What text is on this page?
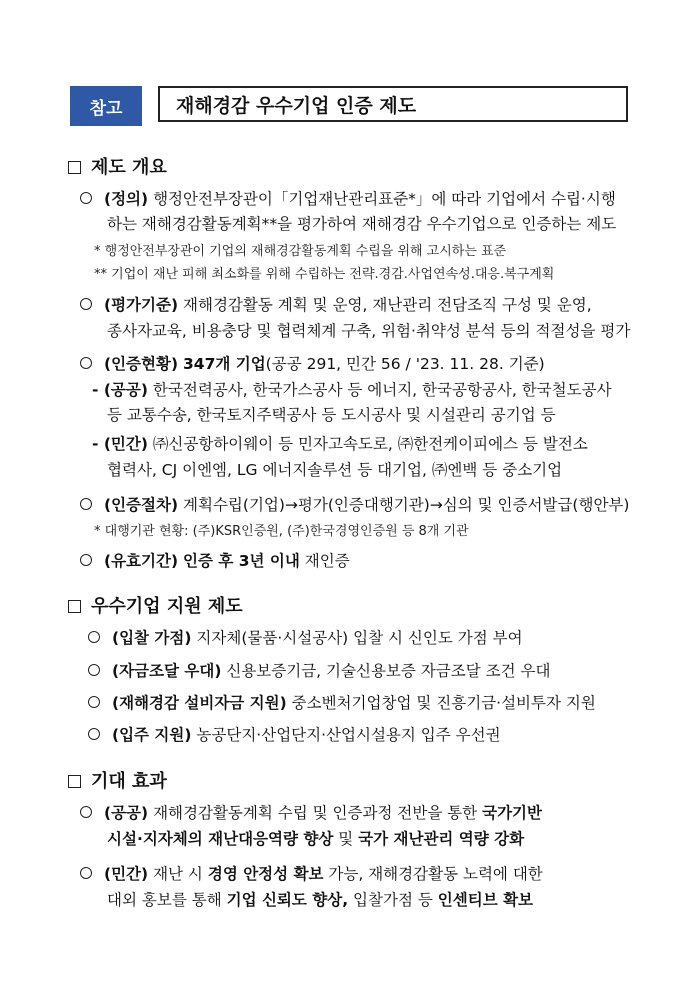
참고	재해경감 우수기업 인증 제도
제도 개요
(정의) 행정안전부장관이「기업재난관리표준*」에 따라 기업에서 수립·시행
하는 재해경감활동계획**을 평가하여 재해경감 우수기업으로 인증하는 제도
* 행정안전부장관이 기업의 재해경감활동계획 수립을 위해 고시하는 표준
** 기업이 재난 피해 최소화를 위해 수립하는 전략.경감.사업연속성.대응.복구계획
(평가기준) 재해경감활동 계획 및 운영, 재난관리 전담조직 구성 및 운영,
종사자교육, 비용충당 및 협력체계 구축, 위험·취약성 분석 등의 적절성을 평가
(인증현황) 347개 기업(공공 291, 민간 56 / '23. 11. 28. 기준)
- (공공) 한국전력공사, 한국가스공사 등 에너지, 한국공항공사, 한국철도공사
등 교통수송, 한국토지주택공사 등 도시공사 및 시설관리 공기업 등
- (민간) ㈜신공항하이웨이 등 민자고속도로, ㈜한전케이피에스 등 발전소
협력사, CJ 이엔엠, LG 에너지솔루션 등 대기업, ㈜엔백 등 중소기업
(인증절차) 계획수립(기업)→평가(인증대행기관)→심의 및 인증서발급(행안부)
* 대행기관 현황: (주)KSR인증원, (주)한국경영인증원 등 8개 기관
(유효기간) 인증 후 3년 이내 재인증
우수기업 지원 제도
(입찰 가점) 지자체(물품·시설공사) 입찰 시 신인도 가점 부여
(자금조달 우대) 신용보증기금, 기술신용보증 자금조달 조건 우대
(재해경감 설비자금 지원) 중소벤처기업창업 및 진흥기금·설비투자 지원
(입주 지원) 농공단지·산업단지·산업시설용지 입주 우선권
기대 효과
(공공) 재해경감활동계획 수립 및 인증과정 전반을 통한 국가기반
시설·지자체의 재난대응역량 향상 및 국가 재난관리 역량 강화
(민간) 재난 시 경영 안정성 확보 가능, 재해경감활동 노력에 대한
대외 홍보를 통해 기업 신뢰도 향상, 입찰가점 등 인센티브 확보
